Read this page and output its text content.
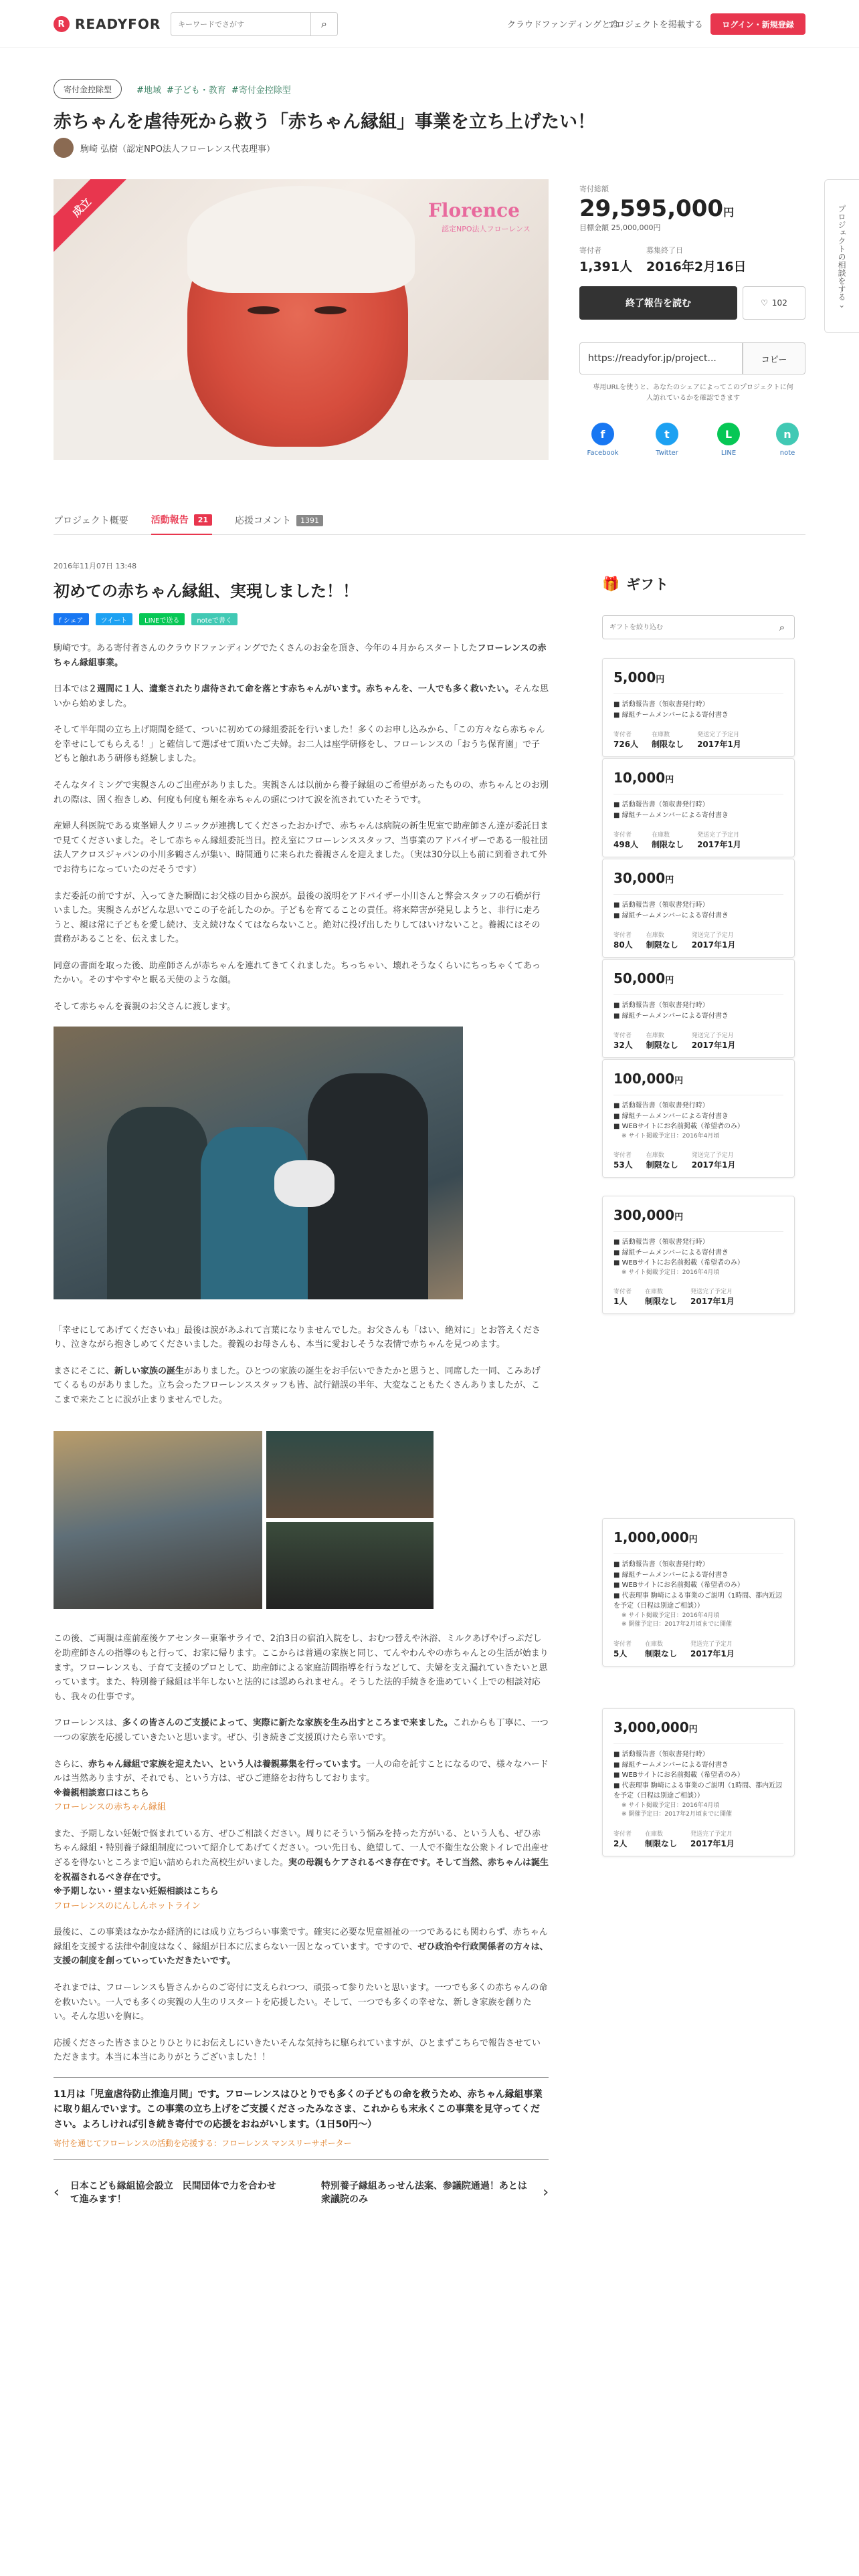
R READYFOR
キーワードでさがす	⌕	クラウドファンディングとは
プロジェクトを掲載する	ログイン・新規登録
プロジェクトの相談をする
›
寄付金控除型	#地域 #子ども・教育 #寄付金控除型
赤ちゃんを虐待死から救う「赤ちゃん縁組」事業を立ち上げたい！
駒崎 弘樹（認定NPO法人フローレンス代表理事）
Florence
認定NPO法人フローレンス
成立
寄付総額
29,595,000円
目標金額 25,000,000円
寄付者
1,391人
募集終了日
2016年2月16日
終了報告を読む	♡ 102
https://readyfor.jp/project...	コピー
専用URLを使うと、あなたのシェアによってこのプロジェクトに何人訪れているかを確認できます
f
Facebook
t
Twitter
L
LINE
n
note
プロジェクト概要 活動報告	21	応援コメント	1391
2016年11月07日 13:48
初めての赤ちゃん縁組、実現しました！！
f シェア	ツイート	LINEで送る	noteで書く

駒崎です。ある寄付者さんのクラウドファンディングでたくさんのお金を頂き、今年の４月からスタートしたフローレンスの赤ちゃん縁組事業。

日本では２週間に１人、遺棄されたり虐待されて命を落とす赤ちゃんがいます。赤ちゃんを、一人でも多く救いたい。そんな思いから始めました。

そして半年間の立ち上げ期間を経て、ついに初めての縁組委託を行いました！多くのお申し込みから、「この方々なら赤ちゃんを幸せにしてもらえる！」と確信して選ばせて頂いたご夫婦。お二人は座学研修をし、フローレンスの「おうち保育園」で子どもと触れあう研修も経験しました。

そんなタイミングで実親さんのご出産がありました。実親さんは以前から養子縁組のご希望があったものの、赤ちゃんとのお別れの際は、固く抱きしめ、何度も何度も頬を赤ちゃんの頭につけて涙を流されていたそうです。

産婦人科医院である東峯婦人クリニックが連携してくださったおかげで、赤ちゃんは病院の新生児室で助産師さん達が委託日まで見てくださいました。そして赤ちゃん縁組委託当日。控え室にフローレンススタッフ、当事業のアドバイザーである一般社団法人アクロスジャパンの小川多鶴さんが集い、時間通りに来られた養親さんを迎えました。（実は30分以上も前に到着されて外でお待ちになっていたのだそうです）

まだ委託の前ですが、入ってきた瞬間にお父様の目から涙が。最後の説明をアドバイザー小川さんと弊会スタッフの石橋が行いました。実親さんがどんな思いでこの子を託したのか。子どもを育てることの責任。将来障害が発見しようと、非行に走ろうと、親は常に子どもを愛し続け、支え続けなくてはならないこと。絶対に投げ出したりしてはいけないこと。養親にはその責務があることを、伝えました。

同意の書面を取った後、助産師さんが赤ちゃんを連れてきてくれました。ちっちゃい、壊れそうなくらいにちっちゃくてあったかい。そのすやすやと眠る天使のような顔。

そして赤ちゃんを養親のお父さんに渡します。

「幸せにしてあげてくださいね」最後は涙があふれて言葉になりませんでした。お父さんも「はい、絶対に」とお答えくださり、泣きながら抱きしめてくださいました。養親のお母さんも、本当に愛おしそうな表情で赤ちゃんを見つめます。

まさにそこに、新しい家族の誕生がありました。ひとつの家族の誕生をお手伝いできたかと思うと、同席した一同、こみあげてくるものがありました。立ち会ったフローレンススタッフも皆、試行錯誤の半年、大変なこともたくさんありましたが、ここまで来たことに涙が止まりませんでした。

この後、ご両親は産前産後ケアセンター東峯サライで、2泊3日の宿泊入院をし、おむつ替えや沐浴、ミルクあげやげっぷだしを助産師さんの指導のもと行って、お家に帰ります。ここからは普通の家族と同じ、てんやわんやの赤ちゃんとの生活が始まります。フローレンスも、子育て支援のプロとして、助産師による家庭訪問指導を行うなどして、夫婦を支え漏れていきたいと思っています。また、特別養子縁組は半年しないと法的には認められません。そうした法的手続きを進めていく上での相談対応も、我々の仕事です。

フローレンスは、多くの皆さんのご支援によって、実際に新たな家族を生み出すところまで来ました。これからも丁寧に、一つ一つの家族を応援していきたいと思います。ぜひ、引き続きご支援頂けたら幸いです。

さらに、赤ちゃん縁組で家族を迎えたい、という人は養親募集を行っています。一人の命を託すことになるので、様々なハードルは当然ありますが、それでも、という方は、ぜひご連絡をお待ちしております。
※養親相談窓口はこちら
フローレンスの赤ちゃん縁組

また、予期しない妊娠で悩まれている方、ぜひご相談ください。周りにそういう悩みを持った方がいる、という人も、ぜひ赤ちゃん縁組・特別養子縁組制度について紹介してあげてください。つい先日も、絶望して、一人で不衛生な公衆トイレで出産せざるを得ないところまで追い詰められた高校生がいました。実の母親もケアされるべき存在です。そして当然、赤ちゃんは誕生を祝福されるべき存在です。
※予期しない・望まない妊娠相談はこちら
フローレンスのにんしんホットライン

最後に、この事業はなかなか経済的には成り立ちづらい事業です。確実に必要な児童福祉の一つであるにも関わらず、赤ちゃん縁組を支援する法律や制度はなく、縁組が日本に広まらない一因となっています。ですので、ぜひ政治や行政関係者の方々は、支援の制度を創っていっていただきたいです。

それまでは、フローレンスも皆さんからのご寄付に支えられつつ、頑張って参りたいと思います。一つでも多くの赤ちゃんの命を救いたい。一人でも多くの実親の人生のリスタートを応援したい。そして、一つでも多くの幸せな、新しき家族を創りたい。そんな思いを胸に。

応援くださった皆さまひとりひとりにお伝えしにいきたいそんな気持ちに駆られていますが、ひとまずこちらで報告させていただきます。本当に本当にありがとうございました！！

11月は「児童虐待防止推進月間」です。フローレンスはひとりでも多くの子どもの命を救うため、赤ちゃん縁組事業に取り組んでいます。この事業の立ち上げをご支援くださったみなさま、これからも末永くこの事業を見守ってください。よろしければ引き続き寄付での応援をおねがいします。（1日50円〜）
寄付を通じてフローレンスの活動を応援する：フローレンス マンスリーサポーター
‹ 日本こども縁組協会設立　民間団体で力を合わせて進みます！
特別養子縁組あっせん法案、参議院通過！あとは衆議院のみ	›
🎁 ギフト
ギフトを絞り込む
⌕
5,000円
■ 活動報告書（領収書発行時）
■ 縁組チームメンバーによる寄付書き
寄付者
726人
在庫数
制限なし
発送完了予定月
2017年1月
10,000円
■ 活動報告書（領収書発行時）
■ 縁組チームメンバーによる寄付書き
寄付者
498人
在庫数
制限なし
発送完了予定月
2017年1月
30,000円
■ 活動報告書（領収書発行時）
■ 縁組チームメンバーによる寄付書き
寄付者
80人
在庫数
制限なし
発送完了予定月
2017年1月
50,000円
■ 活動報告書（領収書発行時）
■ 縁組チームメンバーによる寄付書き
寄付者
32人
在庫数
制限なし
発送完了予定月
2017年1月
100,000円
■ 活動報告書（領収書発行時）
■ 縁組チームメンバーによる寄付書き
■ WEBサイトにお名前掲載（希望者のみ）
※ サイト掲載予定日：2016年4月頃
寄付者
53人
在庫数
制限なし
発送完了予定月
2017年1月
300,000円
■ 活動報告書（領収書発行時）
■ 縁組チームメンバーによる寄付書き
■ WEBサイトにお名前掲載（希望者のみ）
※ サイト掲載予定日：2016年4月頃
寄付者
1人
在庫数
制限なし
発送完了予定月
2017年1月
1,000,000円
■ 活動報告書（領収書発行時）
■ 縁組チームメンバーによる寄付書き
■ WEBサイトにお名前掲載（希望者のみ）
■ 代表理事 駒崎による事業のご説明（1時間、都内近辺を予定（日程は別途ご相談））
※ サイト掲載予定日：2016年4月頃
※ 開催予定日：2017年2月頃までに開催
寄付者
5人
在庫数
制限なし
発送完了予定月
2017年1月
3,000,000円
■ 活動報告書（領収書発行時）
■ 縁組チームメンバーによる寄付書き
■ WEBサイトにお名前掲載（希望者のみ）
■ 代表理事 駒崎による事業のご説明（1時間、都内近辺を予定（日程は別途ご相談））
※ サイト掲載予定日：2016年4月頃
※ 開催予定日：2017年2月頃までに開催
寄付者
2人
在庫数
制限なし
発送完了予定月
2017年1月
